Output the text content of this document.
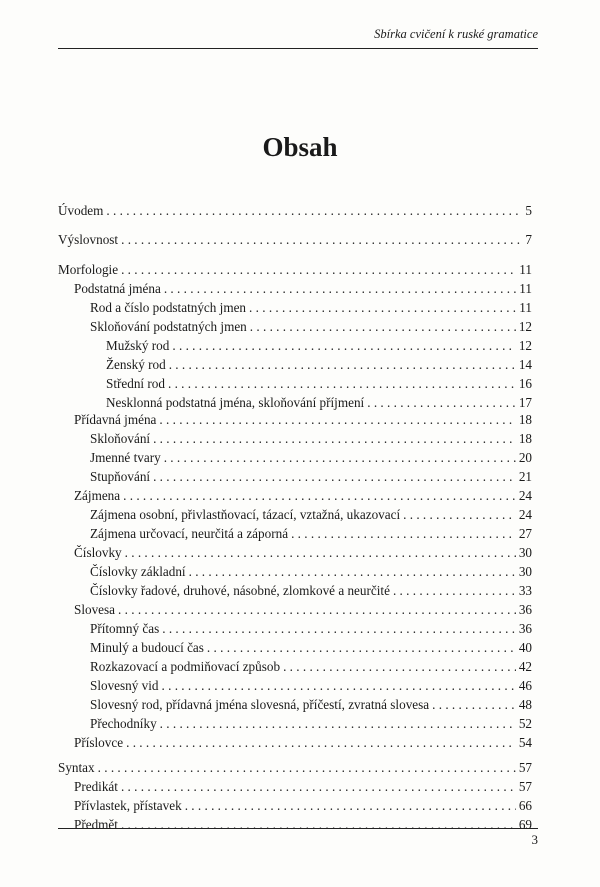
Sbírka cvičení k ruské gramatice
Obsah
Úvodem . . .	5
Výslovnost . . .	7
Morfologie . . .	11
Podstatná jména . . .	11
Rod a číslo podstatných jmen . . .	11
Skloňování podstatných jmen . . .	12
Mužský rod . . .	12
Ženský rod . . .	14
Střední rod . . .	16
Nesklonná podstatná jména, skloňování příjmení . . .	17
Přídavná jména . . .	18
Skloňování . . .	18
Jmenné tvary . . .	20
Stupňování . . .	21
Zájmena . . .	24
Zájmena osobní, přivlastňovací, tázací, vztažná, ukazovací . . .	24
Zájmena určovací, neurčitá a záporná . . .	27
Číslovky . . .	30
Číslovky základní . . .	30
Číslovky řadové, druhové, násobné, zlomkové a neurčité . . .	33
Slovesa . . .	36
Přítomný čas . . .	36
Minulý a budoucí čas . . .	40
Rozkazovací a podmiňovací způsob . . .	42
Slovesný vid . . .	46
Slovesný rod, přídavná jména slovesná, příčestí, zvratná slovesa . . .	48
Přechodníky . . .	52
Příslovce . . .	54
Syntax . . .	57
Predikát . . .	57
Přívlastek, přístavek . . .	66
Předmět . . .	69
3
